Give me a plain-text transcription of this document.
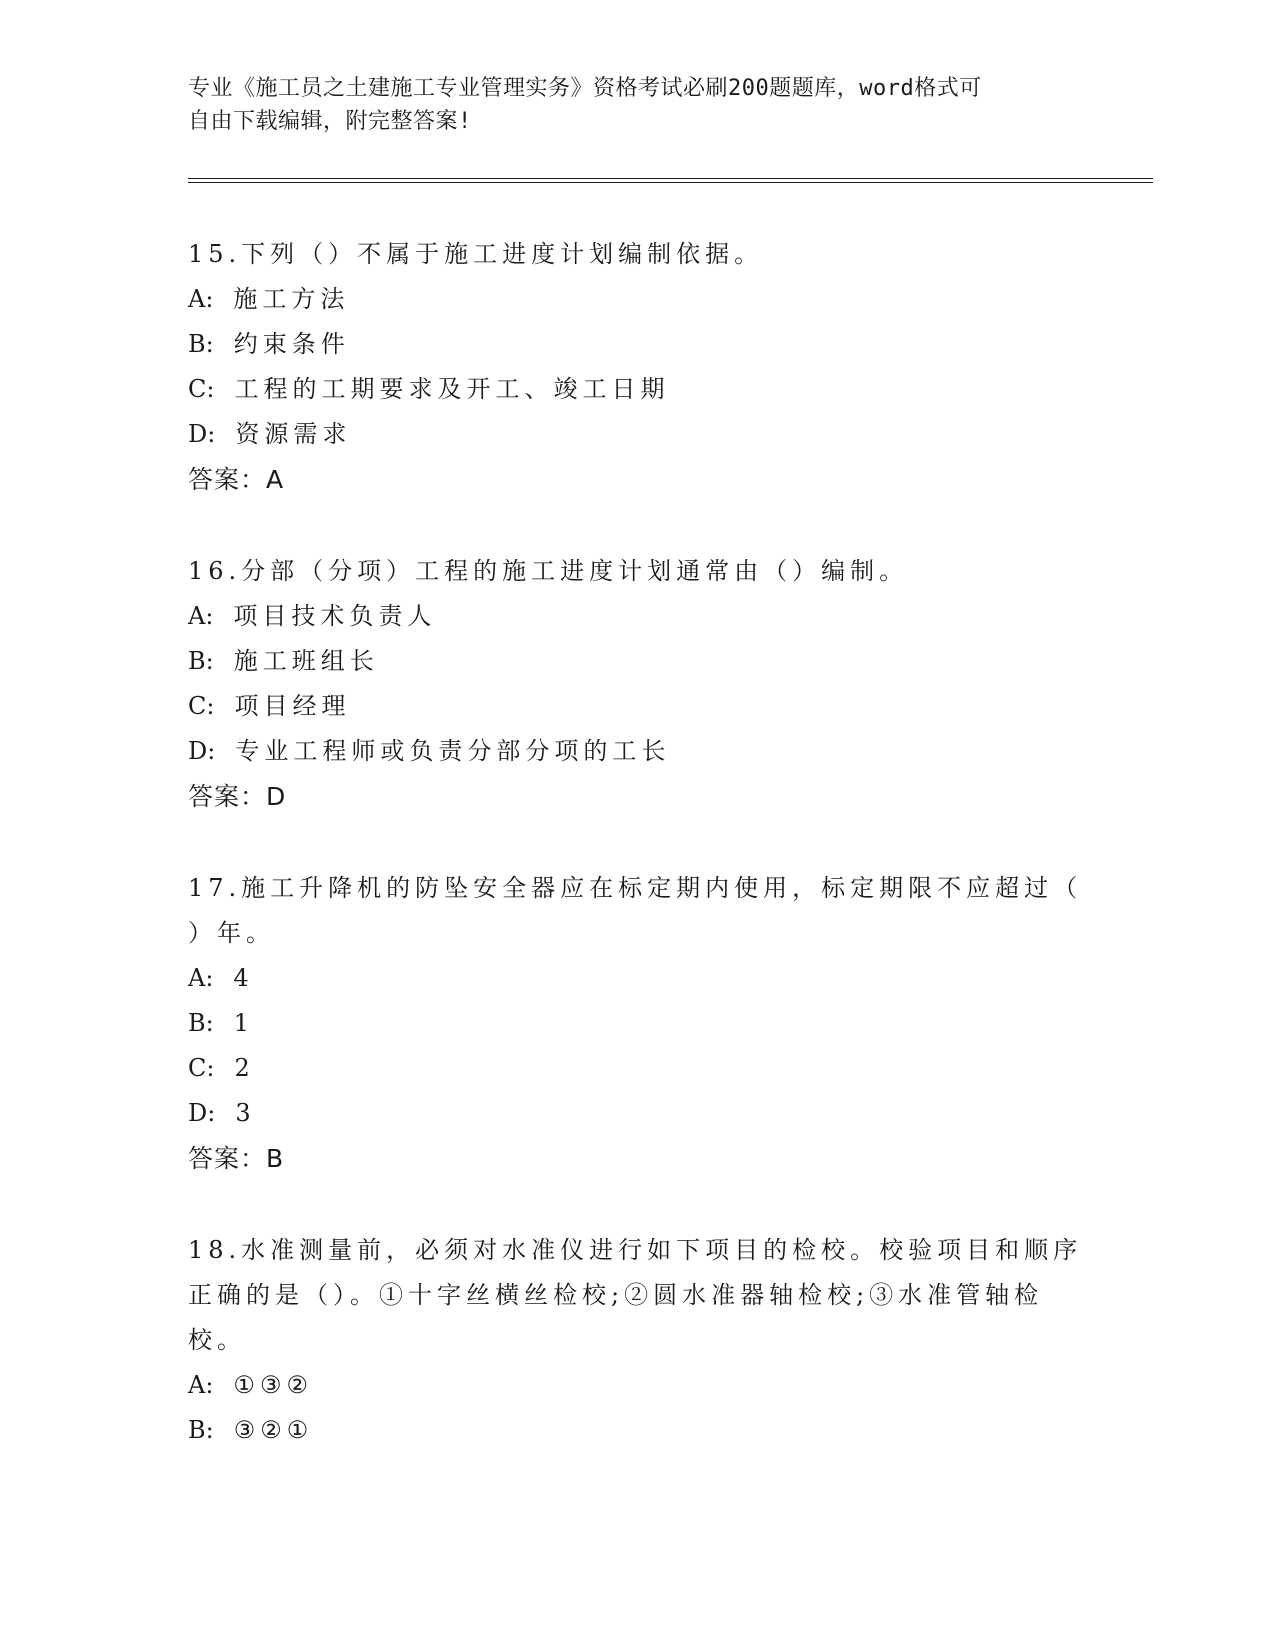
专业《施工员之土建施工专业管理实务》资格考试必刷200题题库，word格式可
自由下载编辑，附完整答案!
15.下列（）不属于施工进度计划编制依据。
A: 施工方法
B: 约束条件
C: 工程的工期要求及开工、竣工日期
D: 资源需求
答案：A
16.分部（分项）工程的施工进度计划通常由（）编制。
A: 项目技术负责人
B: 施工班组长
C: 项目经理
D: 专业工程师或负责分部分项的工长
答案：D
17.施工升降机的防坠安全器应在标定期内使用，标定期限不应超过（
）年。
A: 4
B: 1
C: 2
D: 3
答案：B
18.水准测量前，必须对水准仪进行如下项目的检校。校验项目和顺序
正确的是（）。①十字丝横丝检校;②圆水准器轴检校;③水准管轴检
校。
A: ①③②
B: ③②①
